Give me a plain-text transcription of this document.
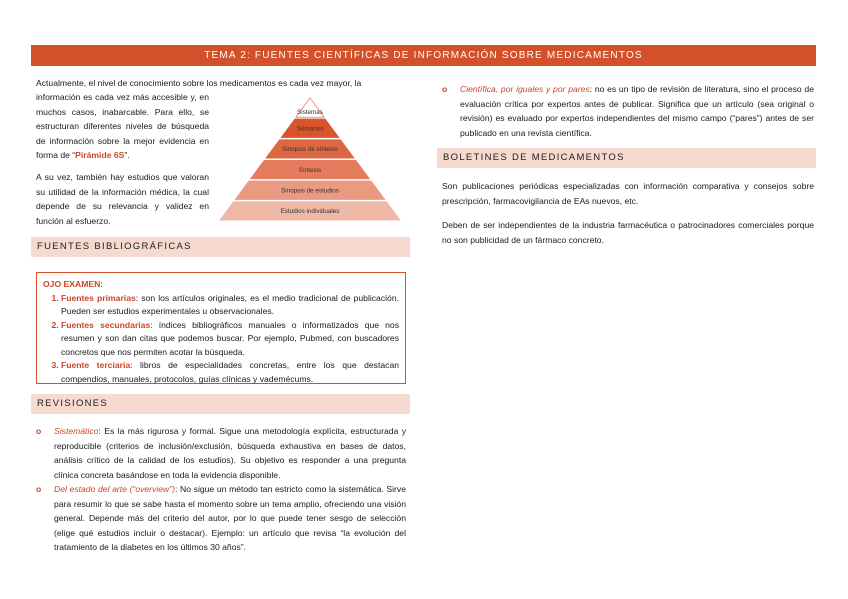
TEMA 2: FUENTES CIENTÍFICAS DE INFORMACIÓN SOBRE MEDICAMENTOS
Actualmente, el nivel de conocimiento sobre los medicamentos es cada vez mayor, la
información es cada vez más accesible y, en muchos casos, inabarcable. Para ello, se estructuran diferentes niveles de búsqueda de información sobre la mejor evidencia en forma de “Pirámide 6S”.
A su vez, también hay estudios que valoran su utilidad de la información médica, la cual depende de su relevancia y validez en función al esfuerzo.
Sistemas
Sumarios
Sinopsis de síntesis
Síntesis
Sinopsis de estudios
Estudios individuales
FUENTES BIBLIOGRÁFICAS
OJO EXAMEN:
1. Fuentes primarias: son los artículos originales, es el medio tradicional de publicación. Pueden ser estudios experimentales u observacionales.
2. Fuentes secundarias: índices bibliográficos manuales o informatizados que nos resumen y son dan citas que podemos buscar. Por ejemplo, Pubmed, con buscadores concretos que nos permiten acotar la búsqueda.
3. Fuente terciaria: libros de especialidades concretas, entre los que destacan compendios, manuales, protocolos, guías clínicas y vademécums.
REVISIONES
o Sistemático: Es la más rigurosa y formal. Sigue una metodología explícita, estructurada y reproducible (criterios de inclusión/exclusión, búsqueda exhaustiva en bases de datos, análisis crítico de la calidad de los estudios). Su objetivo es responder a una pregunta clínica concreta basándose en toda la evidencia disponible.
o Del estado del arte (“overview”): No sigue un método tan estricto como la sistemática. Sirve para resumir lo que se sabe hasta el momento sobre un tema amplio, ofreciendo una visión general. Depende más del criterio del autor, por lo que puede tener sesgo de selección (elige qué estudios incluir o destacar). Ejemplo: un artículo que revisa “la evolución del tratamiento de la diabetes en los últimos 30 años”.
o Científica, por iguales y por pares: no es un tipo de revisión de literatura, sino el proceso de evaluación crítica por expertos antes de publicar. Significa que un artículo (sea original o revisión) es evaluado por expertos independientes del mismo campo (“pares”) antes de ser publicado en una revista científica.
BOLETINES DE MEDICAMENTOS
Son publicaciones periódicas especializadas con información comparativa y consejos sobre prescripción, farmacovigilancia de EAs nuevos, etc.
Deben de ser independientes de la industria farmacéutica o patrocinadores comerciales porque no son publicidad de un fármaco concreto.
